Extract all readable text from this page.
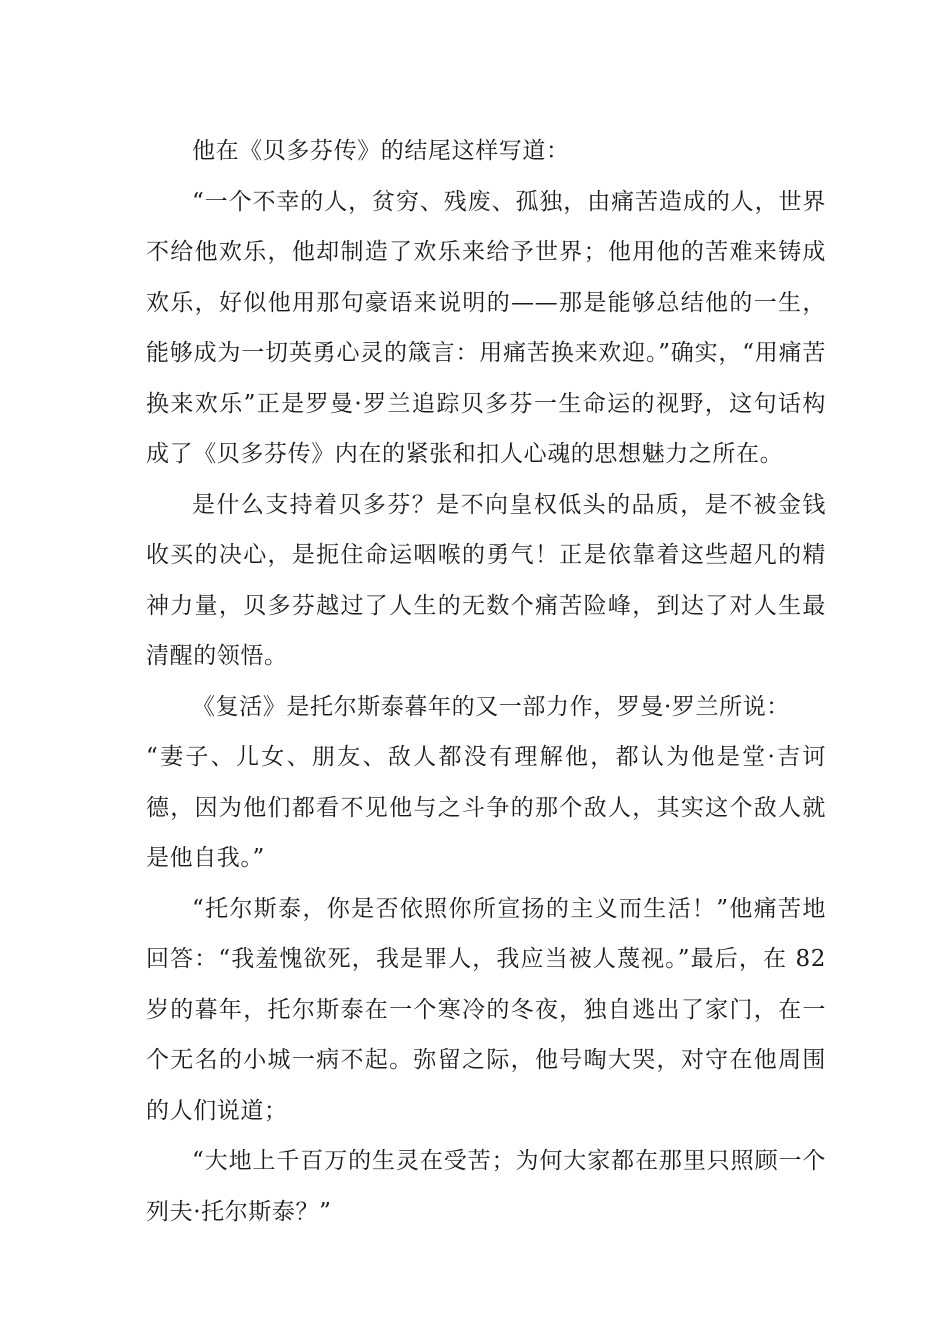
他在《贝多芬传》的结尾这样写道：

“一个不幸的人，贫穷、残废、孤独，由痛苦造成的人，世界不给他欢乐，他却制造了欢乐来给予世界；他用他的苦难来铸成欢乐，好似他用那句豪语来说明的——那是能够总结他的一生，能够成为一切英勇心灵的箴言：用痛苦换来欢迎。”确实，“用痛苦换来欢乐”正是罗曼·罗兰追踪贝多芬一生命运的视野，这句话构成了《贝多芬传》内在的紧张和扣人心魂的思想魅力之所在。

是什么支持着贝多芬？是不向皇权低头的品质，是不被金钱收买的决心，是扼住命运咽喉的勇气！正是依靠着这些超凡的精神力量，贝多芬越过了人生的无数个痛苦险峰，到达了对人生最清醒的领悟。

《复活》是托尔斯泰暮年的又一部力作，罗曼·罗兰所说：

“妻子、儿女、朋友、敌人都没有理解他，都认为他是堂·吉诃德，因为他们都看不见他与之斗争的那个敌人，其实这个敌人就是他自我。”

“托尔斯泰，你是否依照你所宣扬的主义而生活！”他痛苦地回答：“我羞愧欲死，我是罪人，我应当被人蔑视。”最后，在 82 岁的暮年，托尔斯泰在一个寒冷的冬夜，独自逃出了家门，在一个无名的小城一病不起。弥留之际，他号啕大哭，对守在他周围的人们说道；

“大地上千百万的生灵在受苦；为何大家都在那里只照顾一个列夫·托尔斯泰？”
